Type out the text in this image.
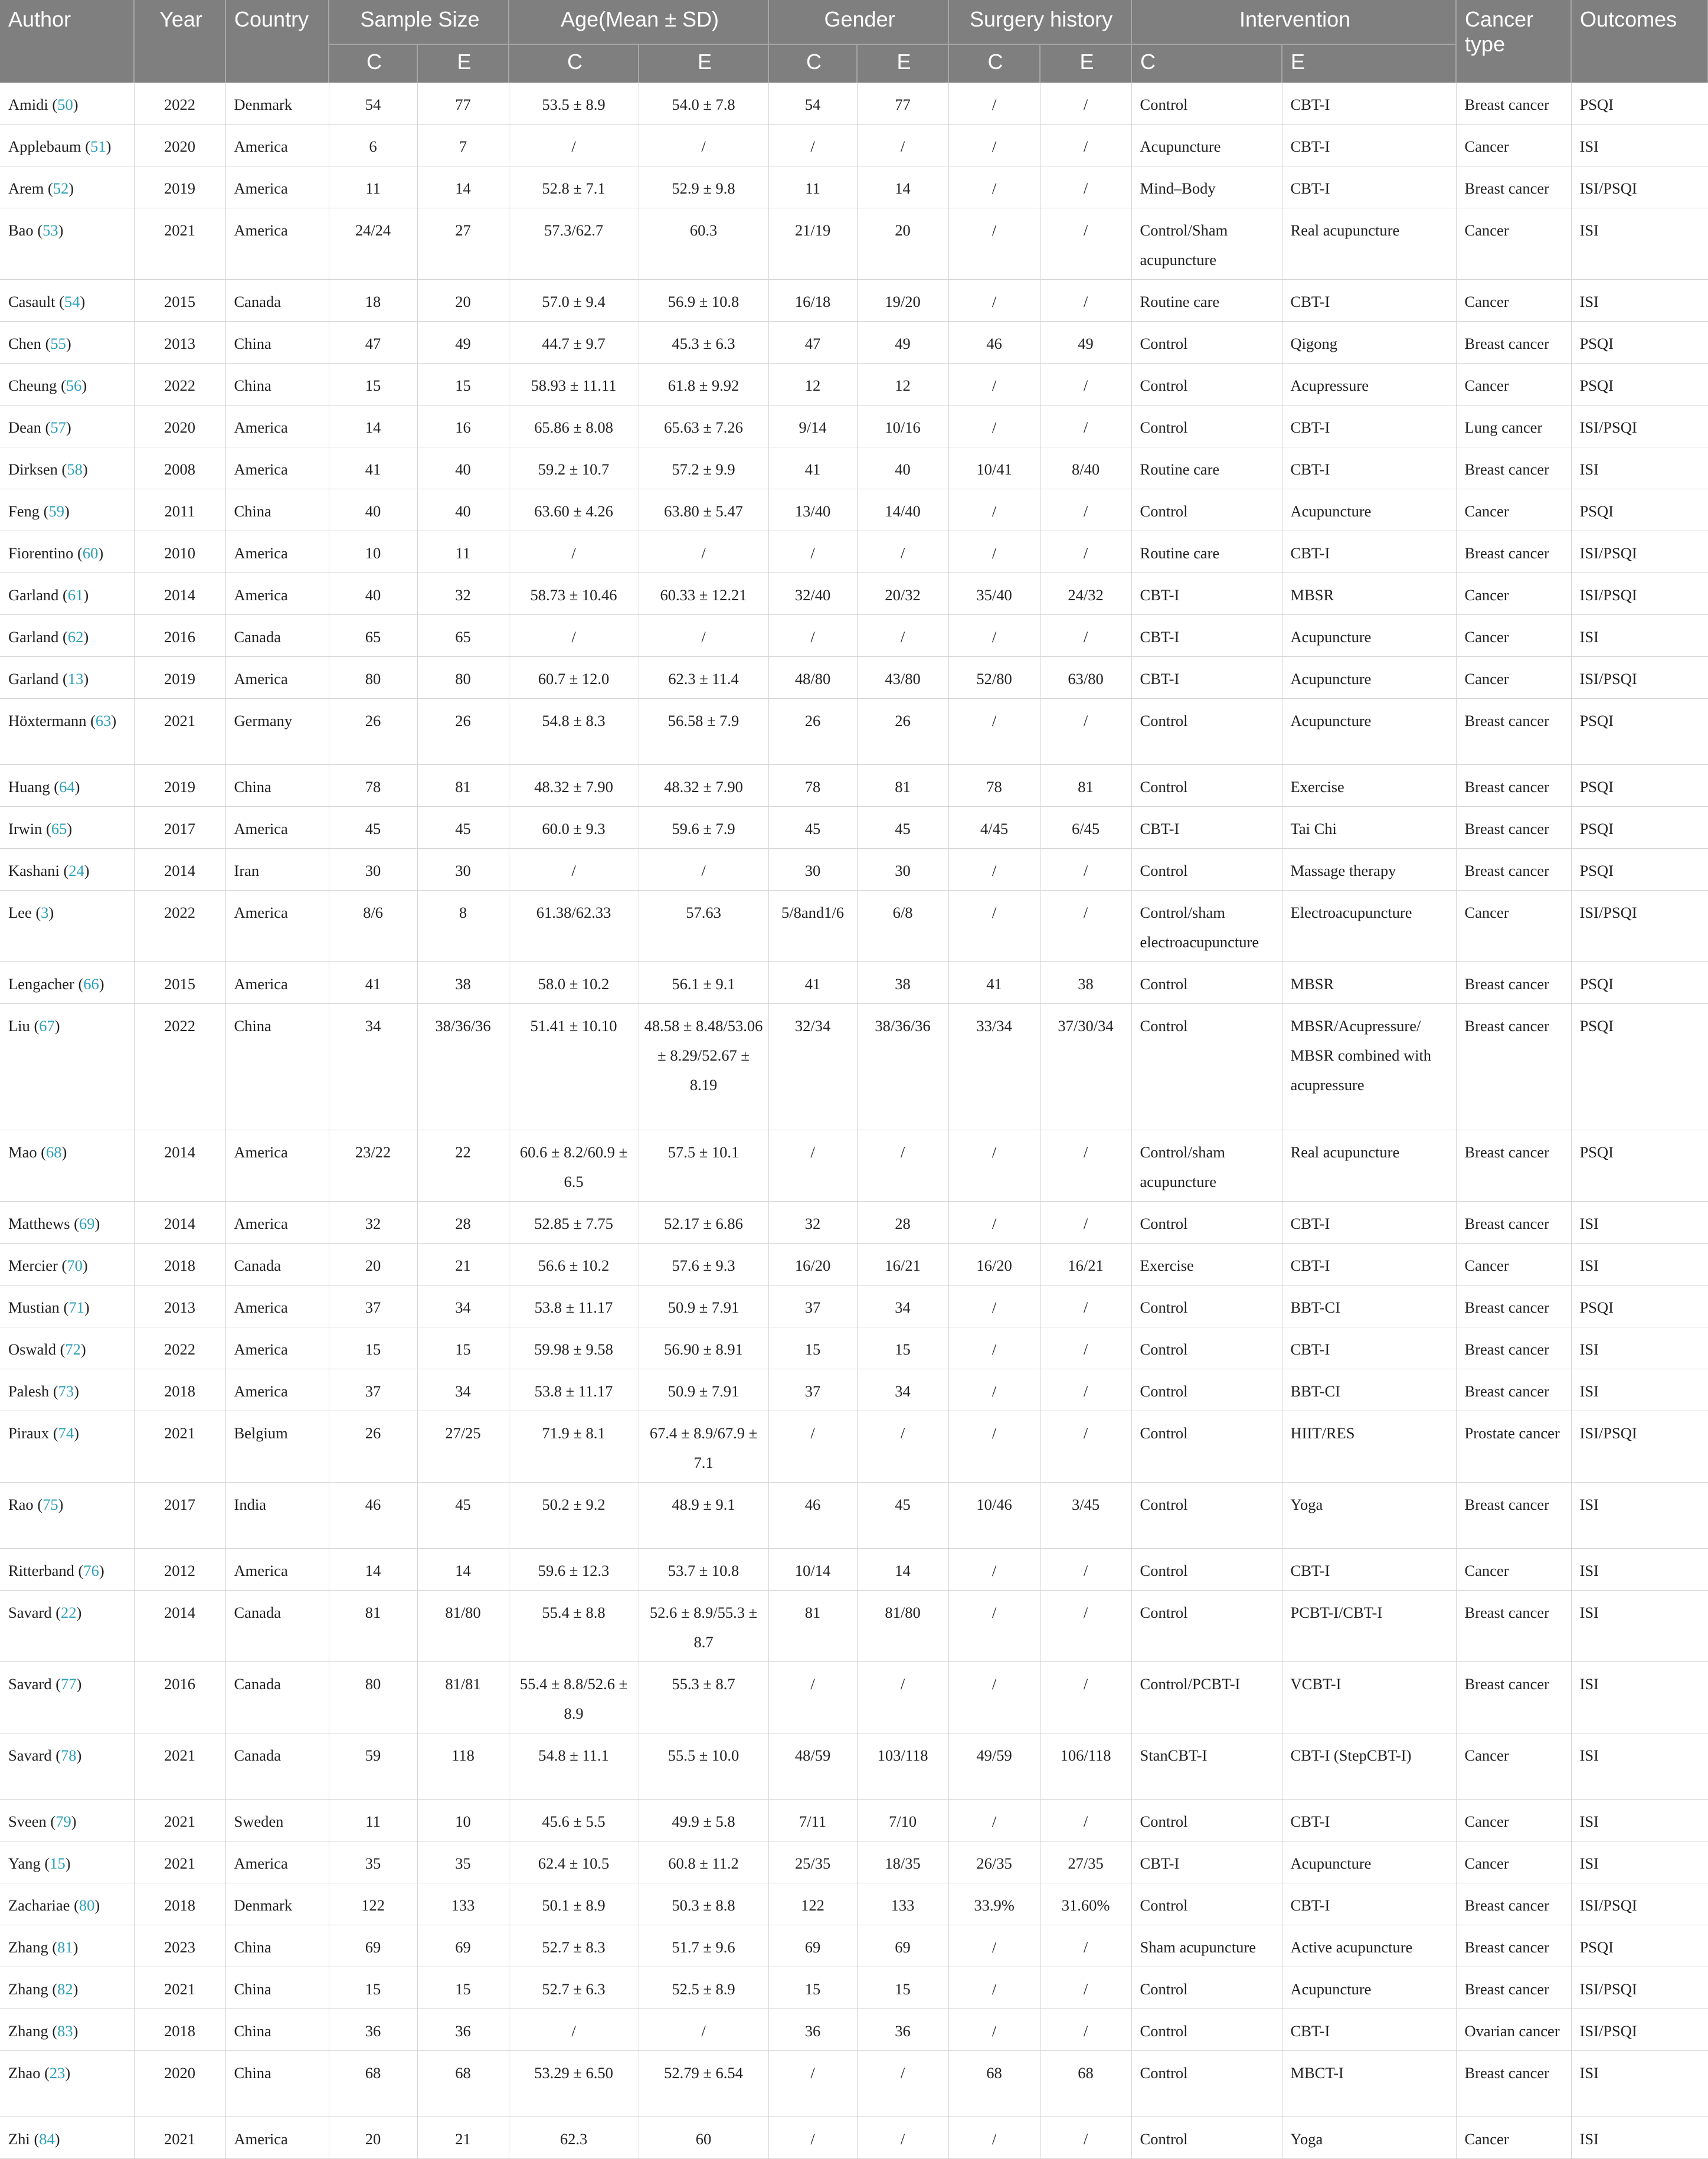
Author	Year	Country	Sample Size		Age(Mean ± SD)		Gender		Surgery history		Intervention		Cancer type	Outcomes
			C	E	C	E	C	E	C	E	C	E		
Amidi (50)	2022	Denmark	54	77	53.5 ± 8.9	54.0 ± 7.8	54	77	/	/	Control	CBT-I	Breast cancer	PSQI
Applebaum (51)	2020	America	6	7	/	/	/	/	/	/	Acupuncture	CBT-I	Cancer	ISI
Arem (52)	2019	America	11	14	52.8 ± 7.1	52.9 ± 9.8	11	14	/	/	Mind–Body	CBT-I	Breast cancer	ISI/PSQI
Bao (53)	2021	America	24/24	27	57.3/62.7	60.3	21/19	20	/	/	Control/Sham acupuncture	Real acupuncture	Cancer	ISI
Casault (54)	2015	Canada	18	20	57.0 ± 9.4	56.9 ± 10.8	16/18	19/20	/	/	Routine care	CBT-I	Cancer	ISI
Chen (55)	2013	China	47	49	44.7 ± 9.7	45.3 ± 6.3	47	49	46	49	Control	Qigong	Breast cancer	PSQI
Cheung (56)	2022	China	15	15	58.93 ± 11.11	61.8 ± 9.92	12	12	/	/	Control	Acupressure	Cancer	PSQI
Dean (57)	2020	America	14	16	65.86 ± 8.08	65.63 ± 7.26	9/14	10/16	/	/	Control	CBT-I	Lung cancer	ISI/PSQI
Dirksen (58)	2008	America	41	40	59.2 ± 10.7	57.2 ± 9.9	41	40	10/41	8/40	Routine care	CBT-I	Breast cancer	ISI
Feng (59)	2011	China	40	40	63.60 ± 4.26	63.80 ± 5.47	13/40	14/40	/	/	Control	Acupuncture	Cancer	PSQI
Fiorentino (60)	2010	America	10	11	/	/	/	/	/	/	Routine care	CBT-I	Breast cancer	ISI/PSQI
Garland (61)	2014	America	40	32	58.73 ± 10.46	60.33 ± 12.21	32/40	20/32	35/40	24/32	CBT-I	MBSR	Cancer	ISI/PSQI
Garland (62)	2016	Canada	65	65	/	/	/	/	/	/	CBT-I	Acupuncture	Cancer	ISI
Garland (13)	2019	America	80	80	60.7 ± 12.0	62.3 ± 11.4	48/80	43/80	52/80	63/80	CBT-I	Acupuncture	Cancer	ISI/PSQI
Höxtermann (63)	2021	Germany	26	26	54.8 ± 8.3	56.58 ± 7.9	26	26	/	/	Control	Acupuncture	Breast cancer	PSQI
Huang (64)	2019	China	78	81	48.32 ± 7.90	48.32 ± 7.90	78	81	78	81	Control	Exercise	Breast cancer	PSQI
Irwin (65)	2017	America	45	45	60.0 ± 9.3	59.6 ± 7.9	45	45	4/45	6/45	CBT-I	Tai Chi	Breast cancer	PSQI
Kashani (24)	2014	Iran	30	30	/	/	30	30	/	/	Control	Massage therapy	Breast cancer	PSQI
Lee (3)	2022	America	8/6	8	61.38/62.33	57.63	5/8and1/6	6/8	/	/	Control/sham electroacupuncture	Electroacupuncture	Cancer	ISI/PSQI
Lengacher (66)	2015	America	41	38	58.0 ± 10.2	56.1 ± 9.1	41	38	41	38	Control	MBSR	Breast cancer	PSQI
Liu (67)	2022	China	34	38/36/36	51.41 ± 10.10	48.58 ± 8.48/53.06 ± 8.29/52.67 ± 8.19	32/34	38/36/36	33/34	37/30/34	Control	MBSR/Acupressure/ MBSR combined with acupressure	Breast cancer	PSQI
Mao (68)	2014	America	23/22	22	60.6 ± 8.2/60.9 ± 6.5	57.5 ± 10.1	/	/	/	/	Control/sham acupuncture	Real acupuncture	Breast cancer	PSQI
Matthews (69)	2014	America	32	28	52.85 ± 7.75	52.17 ± 6.86	32	28	/	/	Control	CBT-I	Breast cancer	ISI
Mercier (70)	2018	Canada	20	21	56.6 ± 10.2	57.6 ± 9.3	16/20	16/21	16/20	16/21	Exercise	CBT-I	Cancer	ISI
Mustian (71)	2013	America	37	34	53.8 ± 11.17	50.9 ± 7.91	37	34	/	/	Control	BBT-CI	Breast cancer	PSQI
Oswald (72)	2022	America	15	15	59.98 ± 9.58	56.90 ± 8.91	15	15	/	/	Control	CBT-I	Breast cancer	ISI
Palesh (73)	2018	America	37	34	53.8 ± 11.17	50.9 ± 7.91	37	34	/	/	Control	BBT-CI	Breast cancer	ISI
Piraux (74)	2021	Belgium	26	27/25	71.9 ± 8.1	67.4 ± 8.9/67.9 ± 7.1	/	/	/	/	Control	HIIT/RES	Prostate cancer	ISI/PSQI
Rao (75)	2017	India	46	45	50.2 ± 9.2	48.9 ± 9.1	46	45	10/46	3/45	Control	Yoga	Breast cancer	ISI
Ritterband (76)	2012	America	14	14	59.6 ± 12.3	53.7 ± 10.8	10/14	14	/	/	Control	CBT-I	Cancer	ISI
Savard (22)	2014	Canada	81	81/80	55.4 ± 8.8	52.6 ± 8.9/55.3 ± 8.7	81	81/80	/	/	Control	PCBT-I/CBT-I	Breast cancer	ISI
Savard (77)	2016	Canada	80	81/81	55.4 ± 8.8/52.6 ± 8.9	55.3 ± 8.7	/	/	/	/	Control/PCBT-I	VCBT-I	Breast cancer	ISI
Savard (78)	2021	Canada	59	118	54.8 ± 11.1	55.5 ± 10.0	48/59	103/118	49/59	106/118	StanCBT-I	CBT-I (StepCBT-I)	Cancer	ISI
Sveen (79)	2021	Sweden	11	10	45.6 ± 5.5	49.9 ± 5.8	7/11	7/10	/	/	Control	CBT-I	Cancer	ISI
Yang (15)	2021	America	35	35	62.4 ± 10.5	60.8 ± 11.2	25/35	18/35	26/35	27/35	CBT-I	Acupuncture	Cancer	ISI
Zachariae (80)	2018	Denmark	122	133	50.1 ± 8.9	50.3 ± 8.8	122	133	33.9%	31.60%	Control	CBT-I	Breast cancer	ISI/PSQI
Zhang (81)	2023	China	69	69	52.7 ± 8.3	51.7 ± 9.6	69	69	/	/	Sham acupuncture	Active acupuncture	Breast cancer	PSQI
Zhang (82)	2021	China	15	15	52.7 ± 6.3	52.5 ± 8.9	15	15	/	/	Control	Acupuncture	Breast cancer	ISI/PSQI
Zhang (83)	2018	China	36	36	/	/	36	36	/	/	Control	CBT-I	Ovarian cancer	ISI/PSQI
Zhao (23)	2020	China	68	68	53.29 ± 6.50	52.79 ± 6.54	/	/	68	68	Control	MBCT-I	Breast cancer	ISI
Zhi (84)	2021	America	20	21	62.3	60	/	/	/	/	Control	Yoga	Cancer	ISI
